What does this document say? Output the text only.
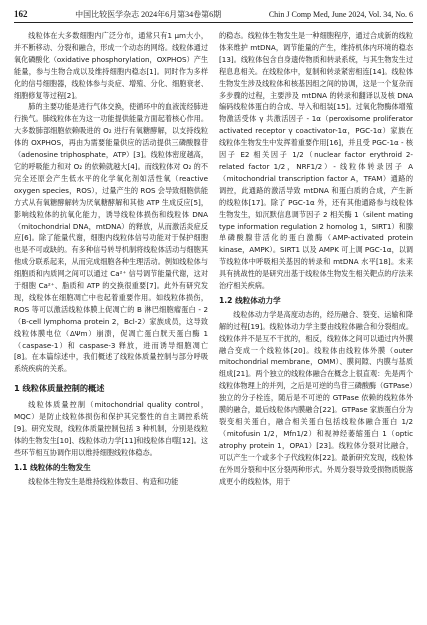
162	中国比较医学杂志 2024年6月第34卷第6期	Chin J Comp Med, June 2024, Vol. 34, No. 6

线粒体在大多数细胞内广泛分布，通常只有1 μm大小，并不断移动、分裂和融合，形成一个动态的网络。线粒体通过氧化磷酸化（oxidative phosphorylation，OXPHOS）产生能量，参与生物合成以及维持细胞内稳态[1]。同时作为多样化的信号细胞器，线粒体参与炎症、增殖、分化、细胞衰老、细胞修复等过程[2]。

肺的主要功能是进行气体交换，使循环中的血液流经肺进行换气。肺线粒体在为这一功能提供能量方面起着核心作用。大多数肺部细胞依赖吸进的 O₂ 进行有氧糖酵解，以支持线粒体的 OXPHOS，再由为需要能量供应的活动提供三磷酸腺苷（adenosine triphosphate，ATP）[3]。线粒体密度越高，它的呼吸能力和对 O₂ 的依赖就越大[4]。而线粒体对 O₂ 的不完全还原会产生低水平的化学氧化剂如活性氧（reactive oxygen species，ROS），过量产生的 ROS 会导致细胞供能方式从有氧糖酵解转为厌氧糖酵解和其他 ATP 生成反应[5]，影响线粒体的抗氧化能力，诱导线粒体损伤和线粒体 DNA（mitochondrial DNA，mtDNA）的释放，从而激活炎症反应[6]。除了能量代谢，细胞内线粒体信号功能对于保护细胞也是不可或缺的。有多种信号转导机制将线粒体活动与细胞其他成分联系起来，从而完成细胞各种生理活动。例如线粒体与细胞质和内质网之间可以通过 Ca²⁺ 信号调节能量代谢，这对于细胞 Ca²⁺、脂质和 ATP 的交换很重要[7]。此外有研究发现，线粒体在细胞凋亡中也起着重要作用。如线粒体损伤，ROS 等可以激活线粒体膜上促凋亡的 B 淋巴细胞瘤蛋白 - 2（B-cell lymphoma protein 2，Bcl-2）家族成员，这导致线粒体膜电位（ΔΨm）崩溃，促凋亡蛋白胱天蛋白酶 1（caspase-1）和 caspase-3 释放，进而诱导细胞凋亡[8]。在本篇综述中，我们概述了线粒体质量控制与部分呼吸系统疾病的关系。

1 线粒体质量控制的概述

线粒体质量控制（mitochondrial quality control，MQC）是防止线粒体损伤和保护其完整性的自主调控系统[9]。研究发现，线粒体质量控制包括 3 种机制，分别是线粒体的生物发生[10]、线粒体动力学[11]和线粒体自噬[12]。这些环节相互协调作用以维持细胞线粒体稳态。

1.1 线粒体的生物发生

线粒体生物发生是维持线粒体数目、构造和功能

的稳态。线粒体生物发生是一种细胞程序，通过合成新的线粒体来维护 mtDNA，调节能量的产生，维持机体内环境的稳态[13]。线粒体包含自身遗传物质和转录系统，与其生物发生过程息息相关。在线粒体中，复制和转录紧密相连[14]。线粒体生物发生涉及线粒体和核基因组之间的协调，这是一个复杂而多步骤的过程，主要涉及 mtDNA 的转录和翻译以及核 DNA 编码线粒体蛋白的合成、导入和组装[15]。过氧化物酶体增殖物激活受体 γ 共激活因子 - 1α（peroxisome proliferator activated receptor γ coactivator-1α，PGC-1α）家族在线粒体生物发生中发挥着重要作用[16]，并且受 PGC-1α - 核因子 E2 相关因子 1/2（nuclear factor erythroid 2-related factor 1/2，NRF1/2）- 线粒体转录因子 A（mitochondrial transcription factor A，TFAM）通路的调控，此通路的激活导致 mtDNA 和蛋白质的合成，产生新的线粒体[17]。除了 PGC-1α 外，还有其他通路参与线粒体生物发生，如沉默信息调节因子 2 相关酶 1（silent mating type information regulation 2 homolog 1，SIRT1）和腺单磷酸腺苷活化的蛋白激酶（AMP-activated protein kinase，AMPK）。SIRT1 以及 AMPK 可上调 PGC-1α，以调节线粒体中呼吸相关基因的转录和 mtDNA 水平[18]。未来具有挑战性的是研究出基于线粒体生物发生相关靶点的疗法来治疗相关疾病。

1.2 线粒体动力学

线粒体动力学是高度动态的，经历融合、裂变、运输和降解的过程[19]。线粒体动力学主要由线粒体融合和分裂组成。线粒体并不是互不干扰的，相反，线粒体之间可以通过内外膜融合变成一个线粒体[20]。线粒体由线粒体外膜（outer mitochondrial membrane，OMM）、膜间隙、内膜与基质组成[21]。两个独立的线粒体融合在概念上很直观：先是两个线粒体物理上的并列，之后是可逆的鸟苷三磷酸酶（GTPase）独立的分子栓连，随后是不可逆的 GTPase 依赖的线粒体外膜的融合，最后线粒体内膜融合[22]。GTPase 家族蛋白分为裂变相关蛋白，融合相关蛋白包括线粒体融合蛋白 1/2（mitofusin 1/2，Mfn1/2）和视神经萎缩蛋白 1（optic atrophy protein 1，OPA1）[23]。线粒体分裂对比融合，可以产生一个或多个子代线粒体[22]。最新研究发现，线粒体在外周分裂和中区分裂两种形式。外周分裂导致受损物质脱落成更小的线粒体，用于
